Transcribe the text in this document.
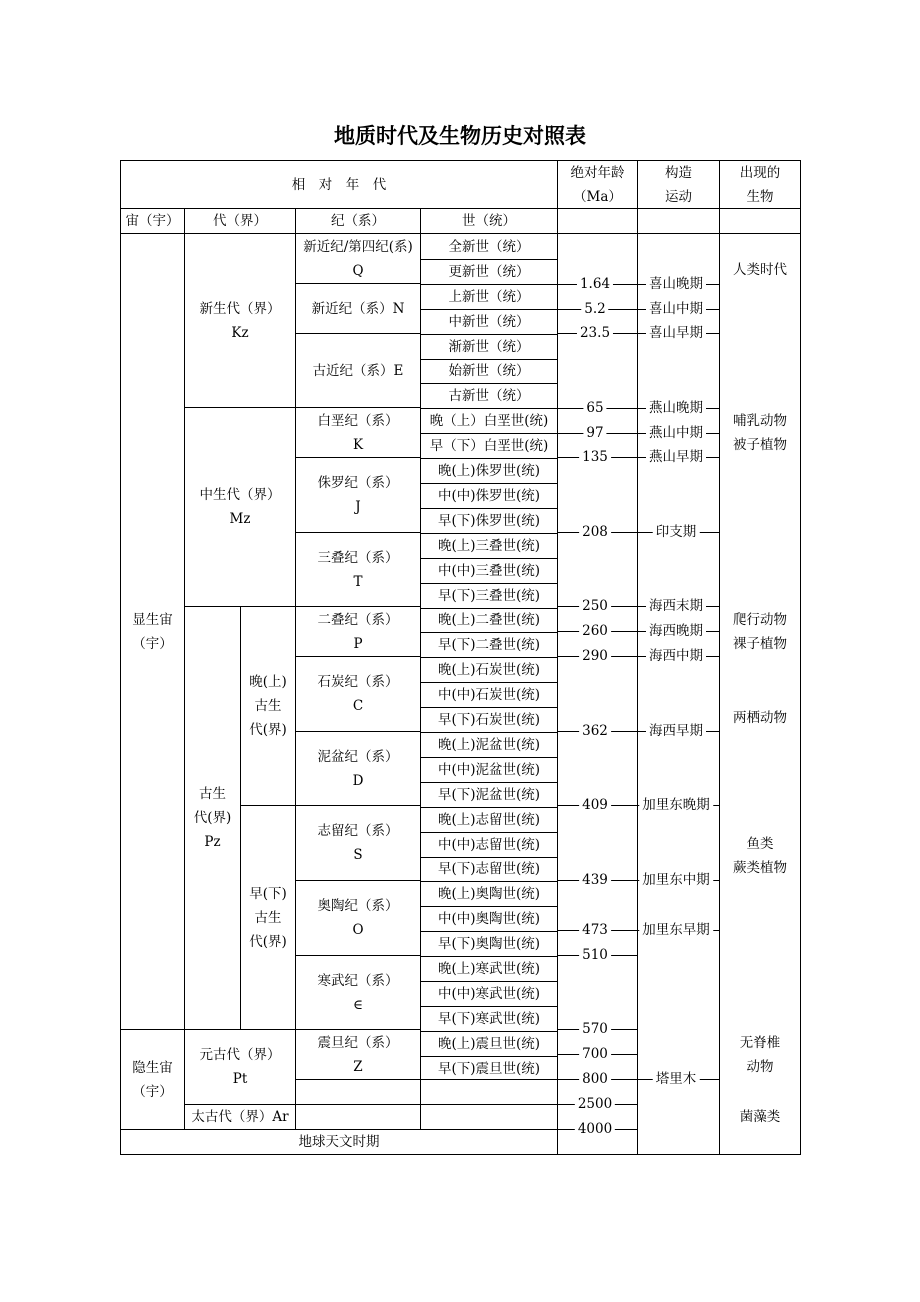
地质时代及生物历史对照表
相　对　年　代
绝对年龄
（Ma）
构造
运动
出现的
生物
宙（宇） 代（界）	纪（系）	世（统）
显生宙
（宇）
隐生宙
（宇）
地球天文时期
新生代（界）
Kz
中生代（界）
Mz
古生
代(界)
Pz
晚(上)
古生
代(界)
早(下)
古生
代(界)
元古代（界）
Pt
太古代（界）Ar
新近纪/第四纪(系)
Q
新近纪（系）N
古近纪（系）E
白垩纪（系）
K
侏罗纪（系）
J
三叠纪（系）
T
二叠纪（系）
P
石炭纪（系）
C
泥盆纪（系）
D
志留纪（系）
S
奥陶纪（系）
O
寒武纪（系）
∈
震旦纪（系）
Z
全新世（统）
更新世（统）
上新世（统）
中新世（统）
渐新世（统）
始新世（统）
古新世（统）
晚（上）白垩世(统)
早（下）白垩世(统)
晚(上)侏罗世(统)
中(中)侏罗世(统)
早(下)侏罗世(统)
晚(上)三叠世(统)
中(中)三叠世(统)
早(下)三叠世(统)
晚(上)二叠世(统)
早(下)二叠世(统)
晚(上)石炭世(统)
中(中)石炭世(统)
早(下)石炭世(统)
晚(上)泥盆世(统)
中(中)泥盆世(统)
早(下)泥盆世(统)
晚(上)志留世(统)
中(中)志留世(统)
早(下)志留世(统)
晚(上)奥陶世(统)
中(中)奥陶世(统)
早(下)奥陶世(统)
晚(上)寒武世(统)
中(中)寒武世(统)
早(下)寒武世(统)
晚(上)震旦世(统)
早(下)震旦世(统)
1.64
5.2
23.5
65
97
135
208
250
260
290
362
409
439
473
510
570
700
800
2500
4000
喜山晚期
喜山中期
喜山早期
燕山晚期
燕山中期
燕山早期
印支期
海西末期
海西晚期
海西中期
海西早期
加里东晚期
加里东中期
加里东早期
塔里木
人类时代
哺乳动物
被子植物
爬行动物
裸子植物
两栖动物
鱼类
蕨类植物
无脊椎
动物
菌藻类
